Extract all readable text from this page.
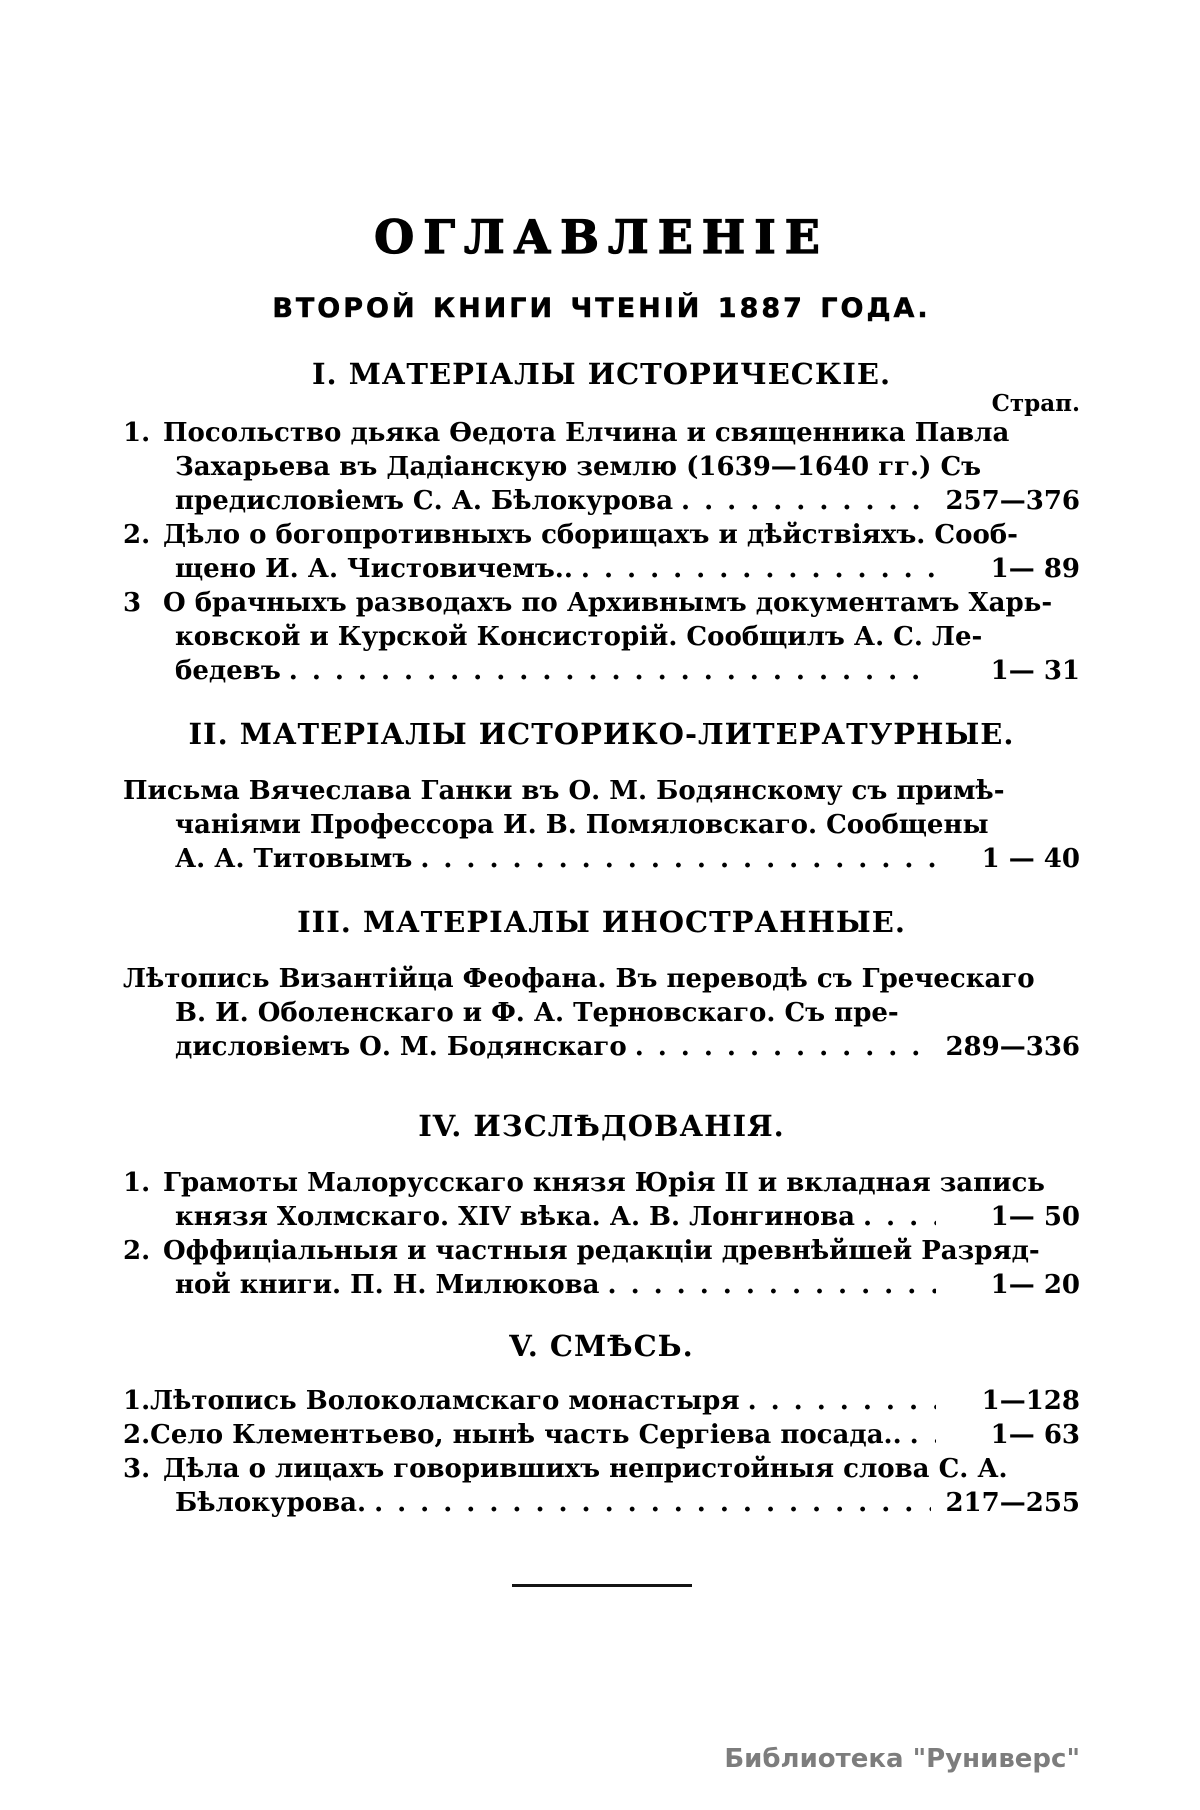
ОГЛАВЛЕНІЕ
ВТОРОЙ КНИГИ ЧТЕНІЙ 1887 ГОДА.
I. МАТЕРІАЛЫ ИСТОРИЧЕСКІЕ.
Страп.
1. Посольство дьяка Ѳедота Елчина и священника Павла
Захарьева въ Дадіанскую землю (1639—1640 гг.) Съ
предисловіемъ С. А. Бѣлокурова .....	257—376
2. Дѣло о богопротивныхъ сборищахъ и дѣйствіяхъ. Сооб-
щено И. А. Чистовичемъ.. .....	1— 89
3 О брачныхъ разводахъ по Архивнымъ документамъ Харь-
ковской и Курской Консисторій. Сообщилъ А. С. Ле-
бедевъ .....	1— 31
II. МАТЕРІАЛЫ ИСТОРИКО-ЛИТЕРАТУРНЫЕ.
Письма Вячеслава Ганки въ О. М. Бодянскому съ примѣ-
чаніями Профессора И. В. Помяловскаго. Сообщены
А. А. Титовымъ .....	1 — 40
III. МАТЕРІАЛЫ ИНОСТРАННЫЕ.
Лѣтопись Византійца Феофана. Въ переводѣ съ Греческаго
В. И. Оболенскаго и Ф. А. Терновскаго. Съ пре-
дисловіемъ О. М. Бодянскаго .....	289—336
IV. ИЗСЛѢДОВАНІЯ.
1. Грамоты Малорусскаго князя Юрія II и вкладная запись
князя Холмскаго. XIV вѣка. А. В. Лонгинова .....	1— 50
2. Оффиціальныя и частныя редакціи древнѣйшей Разряд-
ной книги. П. Н. Милюкова .....	1— 20
V. СМѢСЬ.
1. Лѣтопись Волоколамскаго монастыря .....	1—128
2. Село Клементьево, нынѣ часть Сергіева посада.. .....	1— 63
3. Дѣла о лицахъ говорившихъ непристойныя слова С. А.
Бѣлокурова. .....	217—255
Библиотека "Руниверс"
